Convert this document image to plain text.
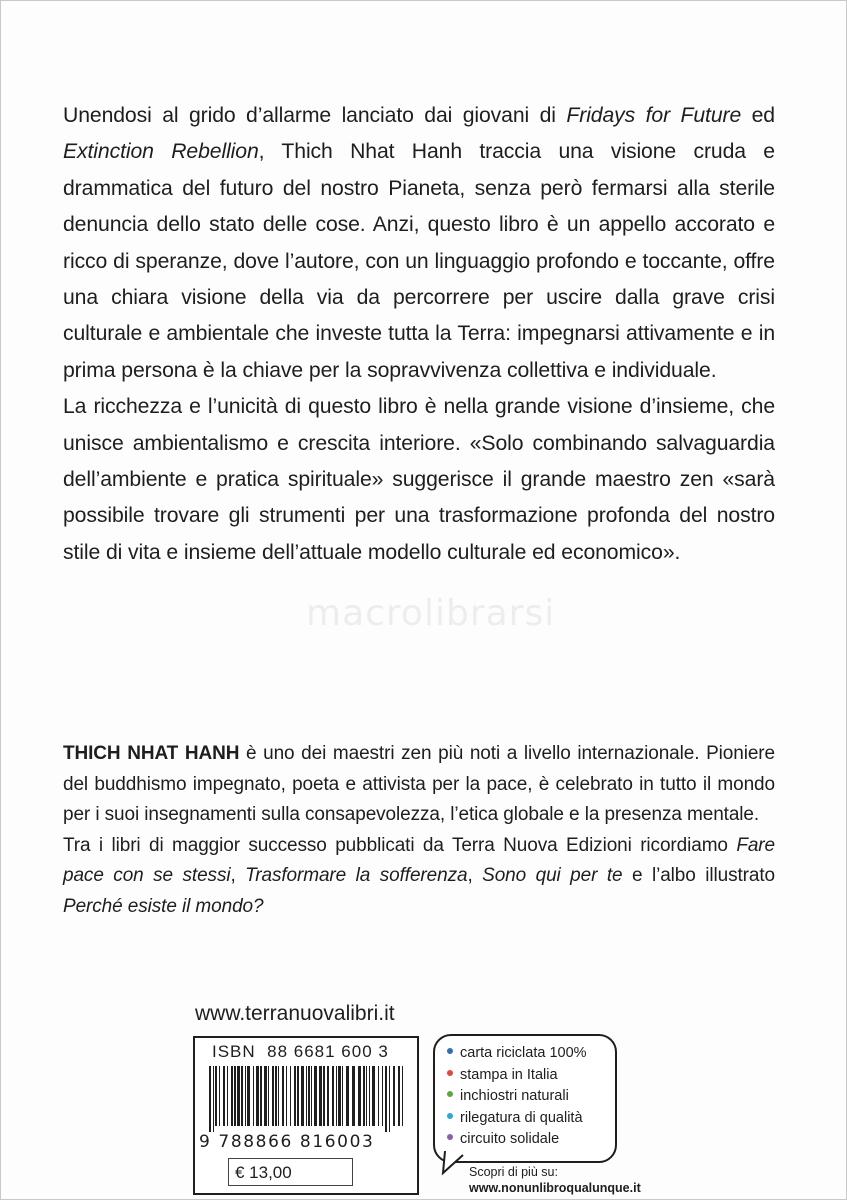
macrolibrarsi

Unendosi al grido d’allarme lanciato dai giovani di Fridays for Future ed Extinction Rebellion, Thich Nhat Hanh traccia una visione cruda e drammatica del futuro del nostro Pianeta, senza però fermarsi alla sterile denuncia dello stato delle cose. Anzi, questo libro è un appello accorato e ricco di speranze, dove l’autore, con un linguaggio profondo e toccante, offre una chiara visione della via da percorrere per uscire dalla grave crisi culturale e ambientale che investe tutta la Terra: impegnarsi attivamente e in prima persona è la chiave per la sopravvivenza collettiva e individuale.

La ricchezza e l’unicità di questo libro è nella grande visione d’insieme, che unisce ambientalismo e crescita interiore. «Solo combinando salvaguardia dell’ambiente e pratica spirituale» suggerisce il grande maestro zen «sarà possibile trovare gli strumenti per una trasformazione profonda del nostro stile di vita e insieme dell’attuale modello culturale ed economico».

THICH NHAT HANH è uno dei maestri zen più noti a livello internazionale. Pioniere del buddhismo impegnato, poeta e attivista per la pace, è celebrato in tutto il mondo per i suoi insegnamenti sulla consapevolezza, l’etica globale e la presenza mentale.

Tra i libri di maggior successo pubblicati da Terra Nuova Edizioni ricordiamo Fare pace con se stessi, Trasformare la sofferenza, Sono qui per te e l’albo illustrato Perché esiste il mondo?

www.terranuovalibri.it
ISBN  88 6681 600 3
9 788866 816003
€ 13,00
carta riciclata 100%
stampa in Italia
inchiostri naturali
rilegatura di qualità
circuito solidale
Scopri di più su:
www.nonunlibroqualunque.it
